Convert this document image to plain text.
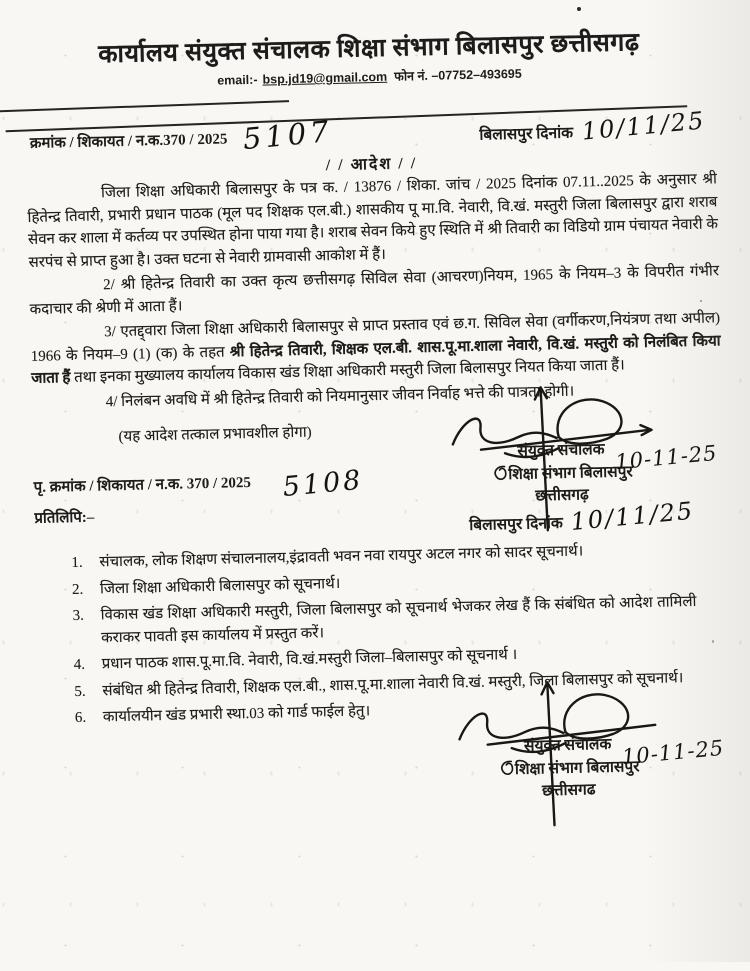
कार्यालय संयुक्त संचालक शिक्षा संभाग बिलासपुर छत्तीसगढ़
email:- bsp.jd19@gmail.com फोन नं. –07752–493695
क्रमांक / शिकायत / न.क.370 / 2025 5107	बिलासपुर दिनांक 10/11/25
/ / आदेश / /

जिला शिक्षा अधिकारी बिलासपुर के पत्र क. / 13876 / शिका. जांच / 2025 दिनांक 07.11..2025 के अनुसार श्री हितेन्द्र तिवारी, प्रभारी प्रधान पाठक (मूल पद शिक्षक एल.बी.) शासकीय पू मा.वि. नेवारी, वि.खं. मस्तुरी जिला बिलासपुर द्वारा शराब सेवन कर शाला में कर्तव्य पर उपस्थित होना पाया गया है। शराब सेवन किये हुए स्थिति में श्री तिवारी का विडियो ग्राम पंचायत नेवारी के सरपंच से प्राप्त हुआ है। उक्त घटना से नेवारी ग्रामवासी आकोश में हैं।

2/ श्री हितेन्द्र तिवारी का उक्त कृत्य छत्तीसगढ़ सिविल सेवा (आचरण)नियम, 1965 के नियम–3 के विपरीत गंभीर कदाचार की श्रेणी में आता हैं।

3/ एतद्द्वारा जिला शिक्षा अधिकारी बिलासपुर से प्राप्त प्रस्ताव एवं छ.ग. सिविल सेवा (वर्गीकरण,नियंत्रण तथा अपील) 1966 के नियम–9 (1) (क) के तहत श्री हितेन्द्र तिवारी, शिक्षक एल.बी. शास.पू.मा.शाला नेवारी, वि.खं. मस्तुरी को निलंबित किया जाता हैं तथा इनका मुख्यालय कार्यालय विकास खंड शिक्षा अधिकारी मस्तुरी जिला बिलासपुर नियत किया जाता हैं।

4/ निलंबन अवधि में श्री हितेन्द्र तिवारी को नियमानुसार जीवन निर्वाह भत्ते की पात्रता होगी।

(यह आदेश तत्काल प्रभावशील होगा)
10-11-25
संयुक्त संचालक
शिक्षा संभाग बिलासपुर
छत्तीसगढ़
पृ. क्रमांक / शिकायत / न.क. 370 / 2025 5108
प्रतिलिपि:–	बिलासपुर दिनांक 10/11/25
1.	संचालक, लोक शिक्षण संचालनालय,इंद्रावती भवन नवा रायपुर अटल नगर को सादर सूचनार्थ।
2.	जिला शिक्षा अधिकारी बिलासपुर को सूचनार्थ।
3.	विकास खंड शिक्षा अधिकारी मस्तुरी, जिला बिलासपुर को सूचनार्थ भेजकर लेख हैं कि संबंधित को आदेश तामिली कराकर पावती इस कार्यालय में प्रस्तुत करें।
4.	प्रधान पाठक शास.पू.मा.वि. नेवारी, वि.खं.मस्तुरी जिला–बिलासपुर को सूचनार्थ ।
5.	संबंधित श्री हितेन्द्र तिवारी, शिक्षक एल.बी., शास.पू.मा.शाला नेवारी वि.खं. मस्तुरी, जिला बिलासपुर को सूचनार्थ।
6.	कार्यालयीन खंड प्रभारी स्था.03 को गार्ड फाईल हेतु।
10-11-25
संयुक्त संचालक
शिक्षा संभाग बिलासपुर
छत्तीसगढ
